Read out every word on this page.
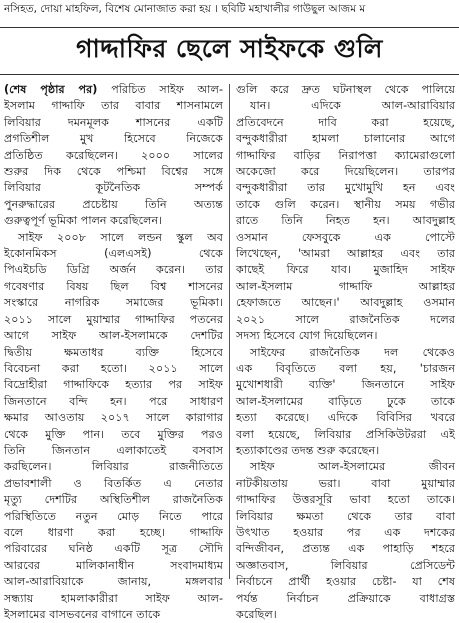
নসিহত, দোয়া মাহফিল, বিশেষ মোনাজাত করা হয় । ছবিটি মহাখালীর গাউছুল আজম ম
গাদ্দাফির ছেলে সাইফকে গুলি
(শেষ পৃষ্ঠার পর) পরিচিত সাইফ আল-
ইসলাম গাদ্দাফি তার বাবার শাসনামলে
লিবিয়ার দমনমূলক শাসনের একটি
প্রগতিশীল মুখ হিসেবে নিজেকে
প্রতিষ্ঠিত করেছিলেন। ২০০০ সালের
শুরুর দিক থেকে পশ্চিমা বিশ্বের সঙ্গে
লিবিয়ার কূটনৈতিক সম্পর্ক
পুনরুদ্ধারের প্রচেষ্টায় তিনি অত্যন্ত
গুরুত্বপূর্ণ ভূমিকা পালন করেছিলেন।
সাইফ ২০০৮ সালে লন্ডন স্কুল অব
ইকোনমিকস (এলএসই) থেকে
পিএইচডি ডিগ্রি অর্জন করেন। তার
গবেষণার বিষয় ছিল বিশ্ব শাসনের
সংস্কারে নাগরিক সমাজের ভূমিকা।
২০১১ সালে মুয়াম্মার গাদ্দাফির পতনের
আগে সাইফ আল-ইসলামকে দেশটির
দ্বিতীয় ক্ষমতাধর ব্যক্তি হিসেবে
বিবেচনা করা হতো। ২০১১ সালে
বিদ্রোহীরা গাদ্দাফিকে হত্যার পর সাইফ
জিনতানে বন্দি হন। পরে সাধারণ
ক্ষমার আওতায় ২০১৭ সালে কারাগার
থেকে মুক্তি পান। তবে মুক্তির পরও
তিনি জিনতান এলাকাতেই বসবাস
করছিলেন। লিবিয়ার রাজনীতিতে
প্রভাবশালী ও বিতর্কিত এ নেতার
মৃত্যু দেশটির অস্থিতিশীল রাজনৈতিক
পরিস্থিতিতে নতুন মোড় নিতে পারে
বলে ধারণা করা হচ্ছে। গাদ্দাফি
পরিবারের ঘনিষ্ঠ একটি সূত্র সৌদি
আরবের মালিকানাধীন সংবাদমাধ্যম
আল-আরাবিয়াকে জানায়, মঙ্গলবার
সন্ধ্যায় হামলাকারীরা সাইফ আল-
ইসলামের বাসভবনের বাগানে তাকে
গুলি করে দ্রুত ঘটনাস্থল থেকে পালিয়ে
যান। এদিকে আল-আরাবিয়ার
প্রতিবেদনে দাবি করা হয়েছে,
বন্দুকধারীরা হামলা চালানোর আগে
গাদ্দাফির বাড়ির নিরাপত্তা ক্যামেরাগুলো
অকেজো করে দিয়েছিলেন। তারপর
বন্দুকধারীরা তার মুখোমুখি হন এবং
তাকে গুলি করেন। স্থানীয় সময় গভীর
রাতে তিনি নিহত হন। আবদুল্লাহ
ওসমান ফেসবুকে এক পোস্টে
লিখেছেন, 'আমরা আল্লাহর এবং তার
কাছেই ফিরে যাব। মুজাহিদ সাইফ
আল-ইসলাম গাদ্দাফি আল্লাহর
হেফাজতে আছেন।' আবদুল্লাহ ওসমান
২০২১ সালে রাজনৈতিক দলের
সদস্য হিসেবে যোগ দিয়েছিলেন।
সাইফের রাজনৈতিক দল থেকেও
এক বিবৃতিতে বলা হয়, 'চারজন
মুখোশধারী ব্যক্তি' জিনতানে সাইফ
আল-ইসলামের বাড়িতে ঢুকে তাকে
হত্যা করেছে। এদিকে বিবিসির খবরে
বলা হয়েছে, লিবিয়ার প্রসিকিউটররা এই
হত্যাকাণ্ডের তদন্ত শুরু করেছেন।
সাইফ আল-ইসলামের জীবন
নাটকীয়তায় ভরা। বাবা মুয়াম্মার
গাদ্দাফির উত্তরসূরি ভাবা হতো তাকে।
লিবিয়ার ক্ষমতা থেকে তার বাবা
উৎখাত হওয়ার পর এক দশকের
বন্দিজীবন, প্রত্যন্ত এক পাহাড়ি শহরে
অজ্ঞাতবাস, লিবিয়ার প্রেসিডেন্ট
নির্বাচনে প্রার্থী হওয়ার চেষ্টা- যা শেষ
পর্যন্ত নির্বাচন প্রক্রিয়াকে বাধাগ্রস্ত
করেছিল।
